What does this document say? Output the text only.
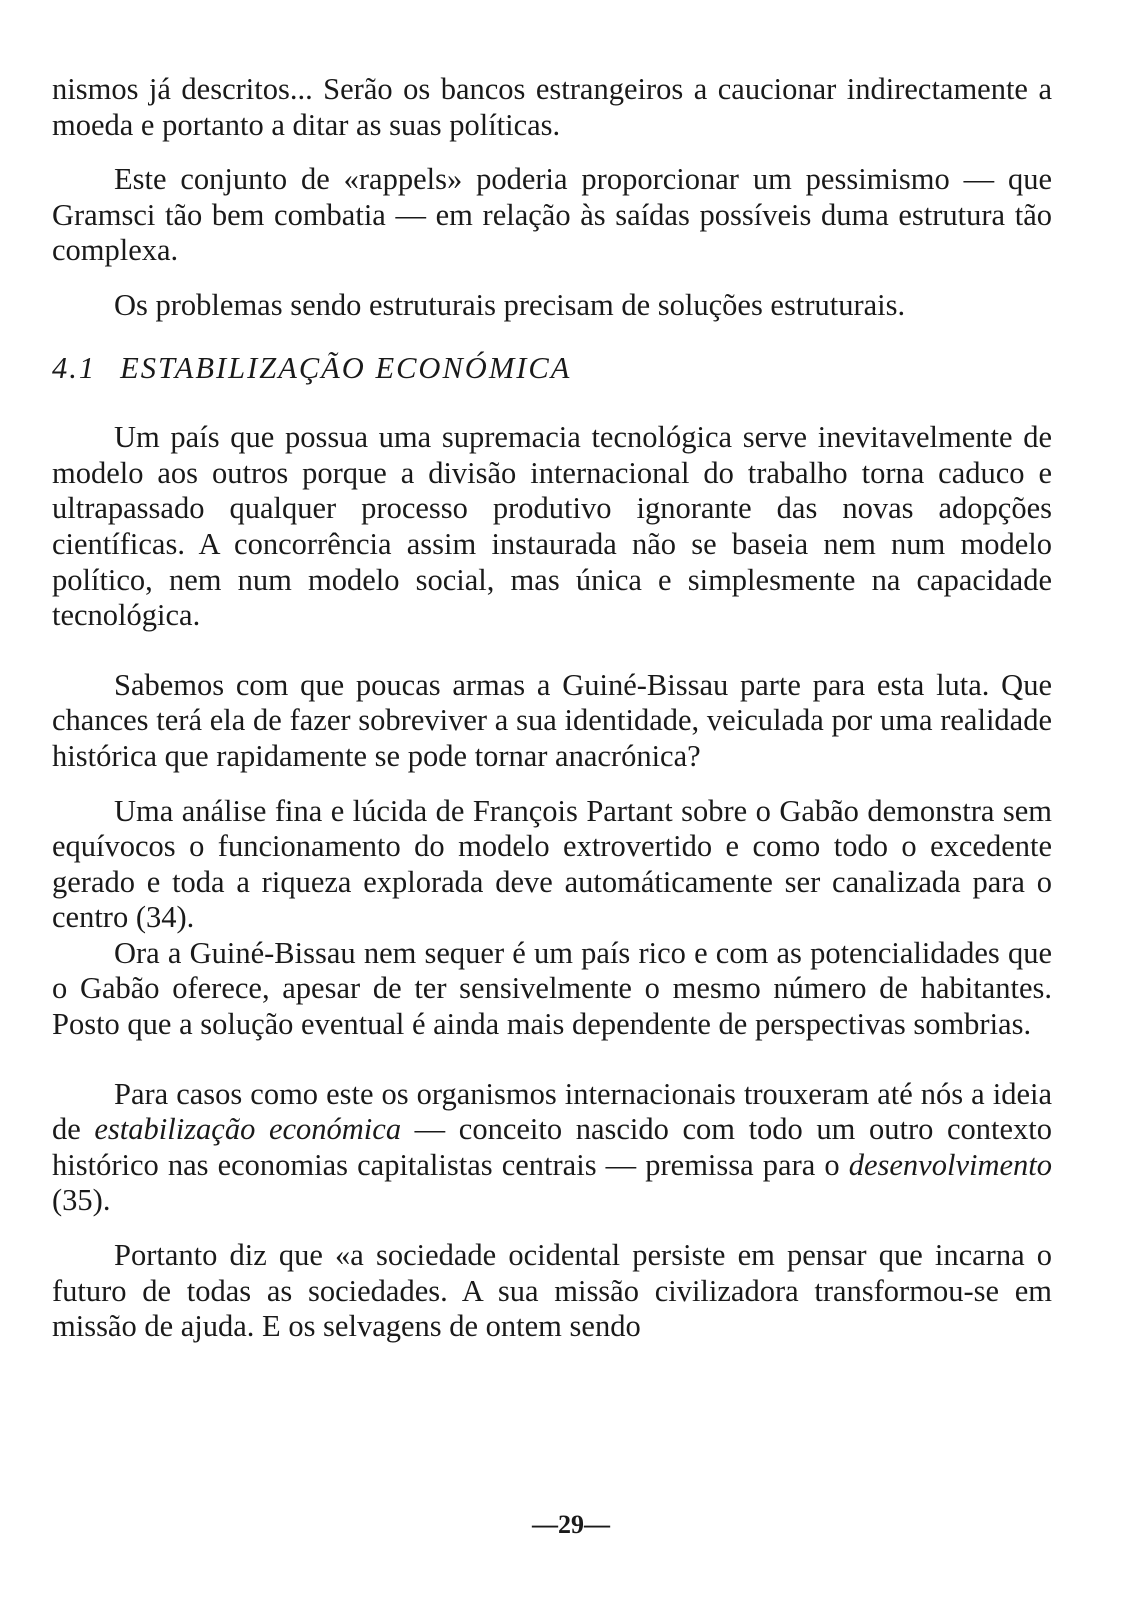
nismos já descritos... Serão os bancos estrangeiros a caucionar indirectamente a moeda e portanto a ditar as suas políticas.

Este conjunto de «rappels» poderia proporcionar um pessimismo — que Gramsci tão bem combatia — em relação às saídas possíveis duma estrutura tão complexa.

Os problemas sendo estruturais precisam de soluções estruturais.

4.1 ESTABILIZAÇÃO ECONÓMICA

Um país que possua uma supremacia tecnológica serve inevitavelmente de modelo aos outros porque a divisão internacional do trabalho torna caduco e ultrapassado qualquer processo produtivo ignorante das novas adopções científicas. A concorrência assim instaurada não se baseia nem num modelo político, nem num modelo social, mas única e simplesmente na capacidade tecnológica.

Sabemos com que poucas armas a Guiné-Bissau parte para esta luta. Que chances terá ela de fazer sobreviver a sua identidade, veiculada por uma realidade histórica que rapidamente se pode tornar anacrónica?

Uma análise fina e lúcida de François Partant sobre o Gabão demonstra sem equívocos o funcionamento do modelo extrovertido e como todo o excedente gerado e toda a riqueza explorada deve automáticamente ser canalizada para o centro (34).

Ora a Guiné-Bissau nem sequer é um país rico e com as potencialidades que o Gabão oferece, apesar de ter sensivelmente o mesmo número de habitantes. Posto que a solução eventual é ainda mais dependente de perspectivas sombrias.

Para casos como este os organismos internacionais trouxeram até nós a ideia de estabilização económica — conceito nascido com todo um outro contexto histórico nas economias capitalistas centrais — premissa para o desenvolvimento (35).

Portanto diz que «a sociedade ocidental persiste em pensar que incarna o futuro de todas as sociedades. A sua missão civilizadora transformou-se em missão de ajuda. E os selvagens de ontem sendo

—29—
